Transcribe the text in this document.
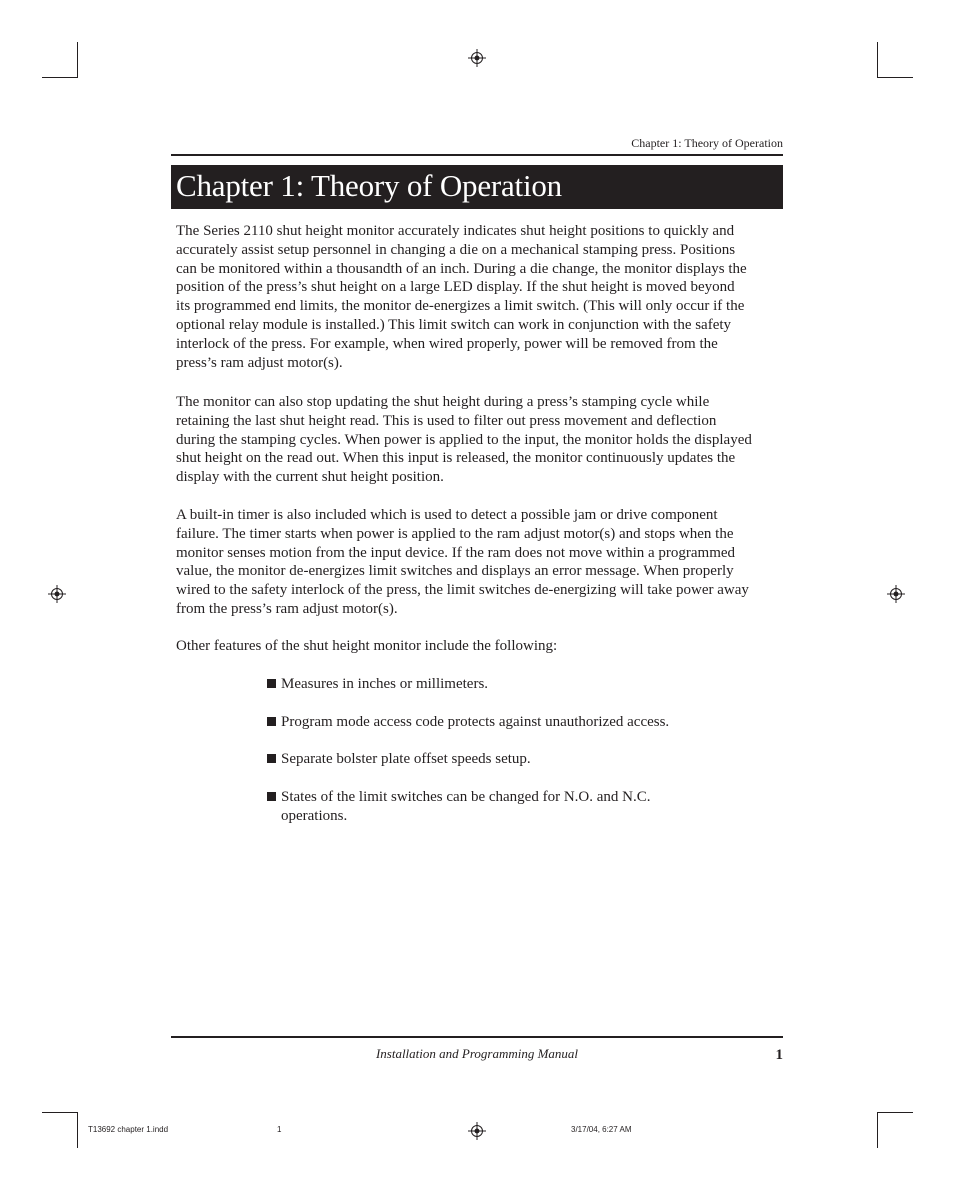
Chapter 1: Theory of Operation
Chapter 1: Theory of Operation

The Series 2110 shut height monitor accurately indicates shut height positions to quickly and
accurately assist setup personnel in changing a die on a mechanical stamping press. Positions
can be monitored within a thousandth of an inch. During a die change, the monitor displays the
position of the press’s shut height on a large LED display. If the shut height is moved beyond
its programmed end limits, the monitor de-energizes a limit switch. (This will only occur if the
optional relay module is installed.) This limit switch can work in conjunction with the safety
interlock of the press. For example, when wired properly, power will be removed from the
press’s ram adjust motor(s).

The monitor can also stop updating the shut height during a press’s stamping cycle while
retaining the last shut height read. This is used to filter out press movement and deflection
during the stamping cycles. When power is applied to the input, the monitor holds the displayed
shut height on the read out. When this input is released, the monitor continuously updates the
display with the current shut height position.

A built-in timer is also included which is used to detect a possible jam or drive component
failure. The timer starts when power is applied to the ram adjust motor(s) and stops when the
monitor senses motion from the input device. If the ram does not move within a programmed
value, the monitor de-energizes limit switches and displays an error message. When properly
wired to the safety interlock of the press, the limit switches de-energizing will take power away
from the press’s ram adjust motor(s).

Other features of the shut height monitor include the following:

Measures in inches or millimeters.
Program mode access code protects against unauthorized access.
Separate bolster plate offset speeds setup.
States of the limit switches can be changed for N.O. and N.C.
operations.
Installation and Programming Manual	1
T13692 chapter 1.indd	1	3/17/04, 6:27 AM
